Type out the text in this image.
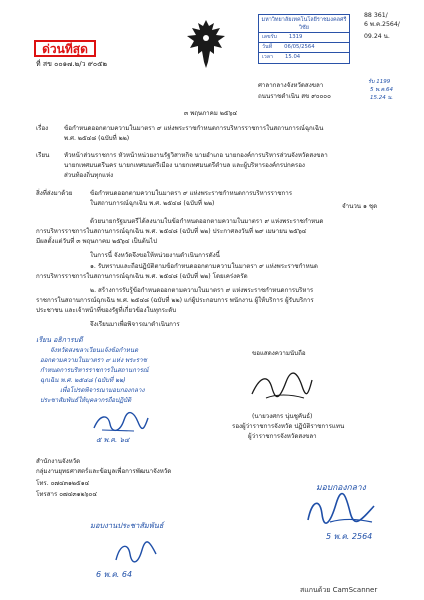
88 361/
6 พ.ค.2564/
09.24 น.
ด่วนที่สุด
ที่ สข ๐๐๑๗.๒/ว ๙๐๕๒
มหาวิทยาลัยเทคโนโลยีราชมงคลศรีวิชัย
เลขรับ 1319
วันที่ 06/05/2564
เวลา 15.04
ศาลากลางจังหวัดสงขลา
ถนนราชดำเนิน สข ๙๐๐๐๐
รับ 1199
5 พ.ค.64
15.24 น.
๓ พฤษภาคม ๒๕๖๔
เรื่อง	ข้อกำหนดออกตามความในมาตรา ๙ แห่งพระราชกำหนดการบริหารราชการในสถานการณ์ฉุกเฉิน
พ.ศ. ๒๕๔๘ (ฉบับที่ ๒๒)
เรียน หัวหน้าส่วนราชการ หัวหน้าหน่วยงานรัฐวิสาหกิจ นายอำเภอ นายกองค์การบริหารส่วนจังหวัดสงขลา
นายกเทศมนตรีนคร นายกเทศมนตรีเมือง นายกเทศมนตรีตำบล และผู้บริหารองค์กรปกครอง
ส่วนท้องถิ่นทุกแห่ง
สิ่งที่ส่งมาด้วย	ข้อกำหนดออกตามความในมาตรา ๙ แห่งพระราชกำหนดการบริหารราชการ
ในสถานการณ์ฉุกเฉิน พ.ศ. ๒๕๔๘ (ฉบับที่ ๒๒)	จำนวน ๑ ชุด
ด้วยนายกรัฐมนตรีได้ลงนามในข้อกำหนดออกตามความในมาตรา ๙ แห่งพระราชกำหนด
การบริหารราชการในสถานการณ์ฉุกเฉิน พ.ศ. ๒๕๔๘ (ฉบับที่ ๒๒) ประกาศลงวันที่ ๒๙ เมษายน ๒๕๖๔
มีผลตั้งแต่วันที่ ๓ พฤษภาคม ๒๕๖๔ เป็นต้นไป
ในการนี้ จังหวัดจึงขอให้หน่วยงานดำเนินการดังนี้
๑. รับทราบและถือปฏิบัติตามข้อกำหนดออกตามความในมาตรา ๙ แห่งพระราชกำหนด
การบริหารราชการในสถานการณ์ฉุกเฉิน พ.ศ. ๒๕๔๘ (ฉบับที่ ๒๒) โดยเคร่งครัด
๒. สร้างการรับรู้ข้อกำหนดออกตามความในมาตรา ๙ แห่งพระราชกำหนดการบริหาร
ราชการในสถานการณ์ฉุกเฉิน พ.ศ. ๒๕๔๘ (ฉบับที่ ๒๒) แก่ผู้ประกอบการ พนักงาน ผู้ให้บริการ ผู้รับบริการ
ประชาชน และเจ้าหน้าที่ของรัฐที่เกี่ยวข้องในทุกระดับ
จึงเรียนมาเพื่อพิจารณาดำเนินการ
เรียน อธิการบดี
จังหวัดสงขลาเวียนแจ้งข้อกำหนด
ออกตามความในมาตรา ๙ แห่ง พระราช
กำหนดการบริหารราชการในสถานการณ์
ฉุกเฉิน พ.ศ. ๒๕๔๘ (ฉบับที่ ๒๒)
เพื่อโปรดพิจารณามอบกองกลาง
ประชาสัมพันธ์ให้บุคลากรถือปฏิบัติ
๕ พ.ค. ๖๔
ขอแสดงความนับถือ
(นายวงศกร นุ่นชูคันธ์)
รองผู้ว่าราชการจังหวัด ปฏิบัติราชการแทน
ผู้ว่าราชการจังหวัดสงขลา
สำนักงานจังหวัด
กลุ่มงานยุทธศาสตร์และข้อมูลเพื่อการพัฒนาจังหวัด
โทร. ๐๗๔๓๑๒๕๑๔
โทรสาร ๐๗๔๓๑๒๖๐๔
มอบกองกลาง
5 พ.ค. 2564
มอบงานประชาสัมพันธ์
6 พ.ค. 64
สแกนด้วย CamScanner
